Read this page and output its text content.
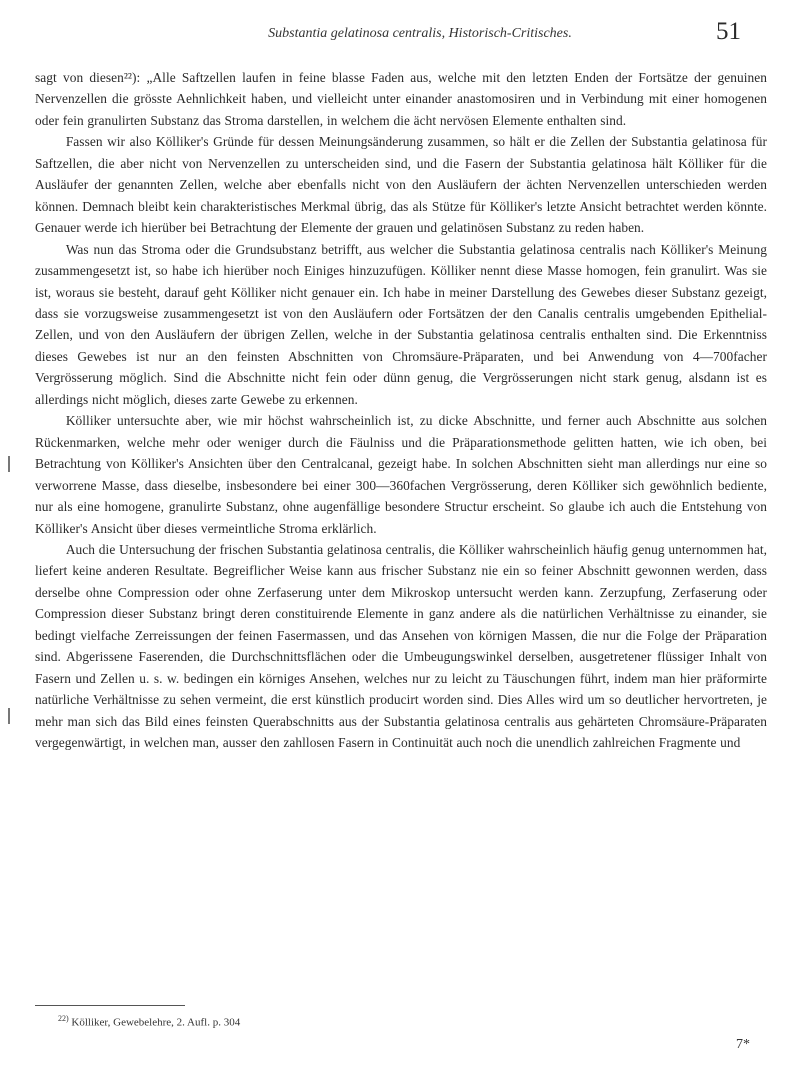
Substantia gelatinosa centralis, Historisch-Critisches.	51

sagt von diesen²²): „Alle Saftzellen laufen in feine blasse Faden aus, welche mit den letzten Enden der Fortsätze der genuinen Nervenzellen die grösste Aehnlichkeit haben, und vielleicht unter einander anastomosiren und in Verbindung mit einer homogenen oder fein granulirten Substanz das Stroma darstellen, in welchem die ächt nervösen Elemente enthalten sind.

Fassen wir also Kölliker's Gründe für dessen Meinungsänderung zusammen, so hält er die Zellen der Substantia gelatinosa für Saftzellen, die aber nicht von Nervenzellen zu unterscheiden sind, und die Fasern der Substantia gelatinosa hält Kölliker für die Ausläufer der genannten Zellen, welche aber ebenfalls nicht von den Ausläufern der ächten Nervenzellen unterschieden werden können. Demnach bleibt kein charakteristisches Merkmal übrig, das als Stütze für Kölliker's letzte Ansicht betrachtet werden könnte. Genauer werde ich hierüber bei Betrachtung der Elemente der grauen und gelatinösen Substanz zu reden haben.

Was nun das Stroma oder die Grundsubstanz betrifft, aus welcher die Substantia gelatinosa centralis nach Kölliker's Meinung zusammengesetzt ist, so habe ich hierüber noch Einiges hinzuzufügen. Kölliker nennt diese Masse homogen, fein granulirt. Was sie ist, woraus sie besteht, darauf geht Kölliker nicht genauer ein. Ich habe in meiner Darstellung des Gewebes dieser Substanz gezeigt, dass sie vorzugsweise zusammengesetzt ist von den Ausläufern oder Fortsätzen der den Canalis centralis umgebenden Epithelial-Zellen, und von den Ausläufern der übrigen Zellen, welche in der Substantia gelatinosa centralis enthalten sind. Die Erkenntniss dieses Gewebes ist nur an den feinsten Abschnitten von Chromsäure-Präparaten, und bei Anwendung von 4—700facher Vergrösserung möglich. Sind die Abschnitte nicht fein oder dünn genug, die Vergrösserungen nicht stark genug, alsdann ist es allerdings nicht möglich, dieses zarte Gewebe zu erkennen.

Kölliker untersuchte aber, wie mir höchst wahrscheinlich ist, zu dicke Abschnitte, und ferner auch Abschnitte aus solchen Rückenmarken, welche mehr oder weniger durch die Fäulniss und die Präparationsmethode gelitten hatten, wie ich oben, bei Betrachtung von Kölliker's Ansichten über den Centralcanal, gezeigt habe. In solchen Abschnitten sieht man allerdings nur eine so verworrene Masse, dass dieselbe, insbesondere bei einer 300—360fachen Vergrösserung, deren Kölliker sich gewöhnlich bediente, nur als eine homogene, granulirte Substanz, ohne augenfällige besondere Structur erscheint. So glaube ich auch die Entstehung von Kölliker's Ansicht über dieses vermeintliche Stroma erklärlich.

Auch die Untersuchung der frischen Substantia gelatinosa centralis, die Kölliker wahrscheinlich häufig genug unternommen hat, liefert keine anderen Resultate. Begreiflicher Weise kann aus frischer Substanz nie ein so feiner Abschnitt gewonnen werden, dass derselbe ohne Compression oder ohne Zerfaserung unter dem Mikroskop untersucht werden kann. Zerzupfung, Zerfaserung oder Compression dieser Substanz bringt deren constituirende Elemente in ganz andere als die natürlichen Verhältnisse zu einander, sie bedingt vielfache Zerreissungen der feinen Fasermassen, und das Ansehen von körnigen Massen, die nur die Folge der Präparation sind. Abgerissene Faserenden, die Durchschnittsflächen oder die Umbeugungswinkel derselben, ausgetretener flüssiger Inhalt von Fasern und Zellen u. s. w. bedingen ein körniges Ansehen, welches nur zu leicht zu Täuschungen führt, indem man hier präformirte natürliche Verhältnisse zu sehen vermeint, die erst künstlich producirt worden sind. Dies Alles wird um so deutlicher hervortreten, je mehr man sich das Bild eines feinsten Querabschnitts aus der Substantia gelatinosa centralis aus gehärteten Chromsäure-Präparaten vergegenwärtigt, in welchen man, ausser den zahllosen Fasern in Continuität auch noch die unendlich zahlreichen Fragmente und

$^{22)}$ Kölliker, Gewebelehre, 2. Aufl. p. 304
7*
